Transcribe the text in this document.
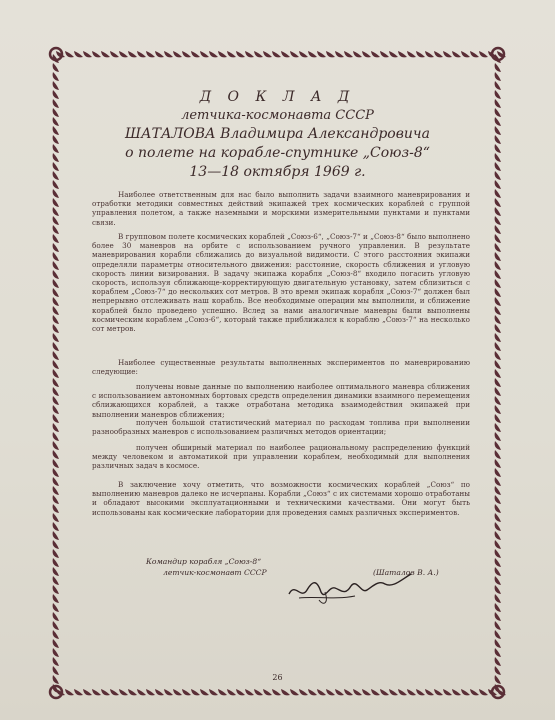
Д О К Л А Д
летчика-космонавта СССР
ШАТАЛОВА Владимира Александровича
о полете на корабле-спутнике „Союз-8“
13—18 октября 1969 г.

Наиболее ответственным для нас было выполнить задачи взаимного маневрирования и отработки методики совместных действий экипажей трех космических кораблей с группой управления полетом, а также наземными и морскими измерительными пунктами и пунктами связи.

В групповом полете космических кораблей „Союз-6“, „Союз-7“ и „Союз-8“ было выполнено более 30 маневров на орбите с использованием ручного управления. В результате маневрирования корабли сближались до визуальной видимости. С этого расстояния экипажи определяли параметры относительного движения: расстояние, скорость сближения и угловую скорость линии визирования. В задачу экипажа корабля „Союз-8“ входило погасить угловую скорость, используя сближающе-корректирующую двигательную установку, затем сблизиться с кораблем „Союз-7“ до нескольких сот метров. В это время экипаж корабля „Союз-7“ должен был непрерывно отслеживать наш корабль. Все необходимые операции мы выполнили, и сближение кораблей было проведено успешно. Вслед за нами аналогичные маневры были выполнены космическим кораблем „Союз-6“, который также приближался к кораблю „Союз-7“ на несколько сот метров.

Наиболее существенные результаты выполненных экспериментов по маневрированию следующие:

получены новые данные по выполнению наиболее оптимального маневра сближения с использованием автономных бортовых средств определения динамики взаимного перемещения сближающихся кораблей, а также отработана методика взаимодействия экипажей при выполнении маневров сближения;

получен большой статистический материал по расходам топлива при выполнении разнообразных маневров с использованием различных методов ориентации;

получен обширный материал по наиболее рациональному распределению функций между человеком и автоматикой при управлении кораблем, необходимый для выполнения различных задач в космосе.

В заключение хочу отметить, что возможности космических кораблей „Союз“ по выполнению маневров далеко не исчерпаны. Корабли „Союз“ с их системами хорошо отработаны и обладают высокими эксплуатационными и техническими качествами. Они могут быть использованы как космические лаборатории для проведения самых различных экспериментов.

Командир корабля „Союз-8“
летчик-космонавт СССР	(Шаталов В. А.)
26
